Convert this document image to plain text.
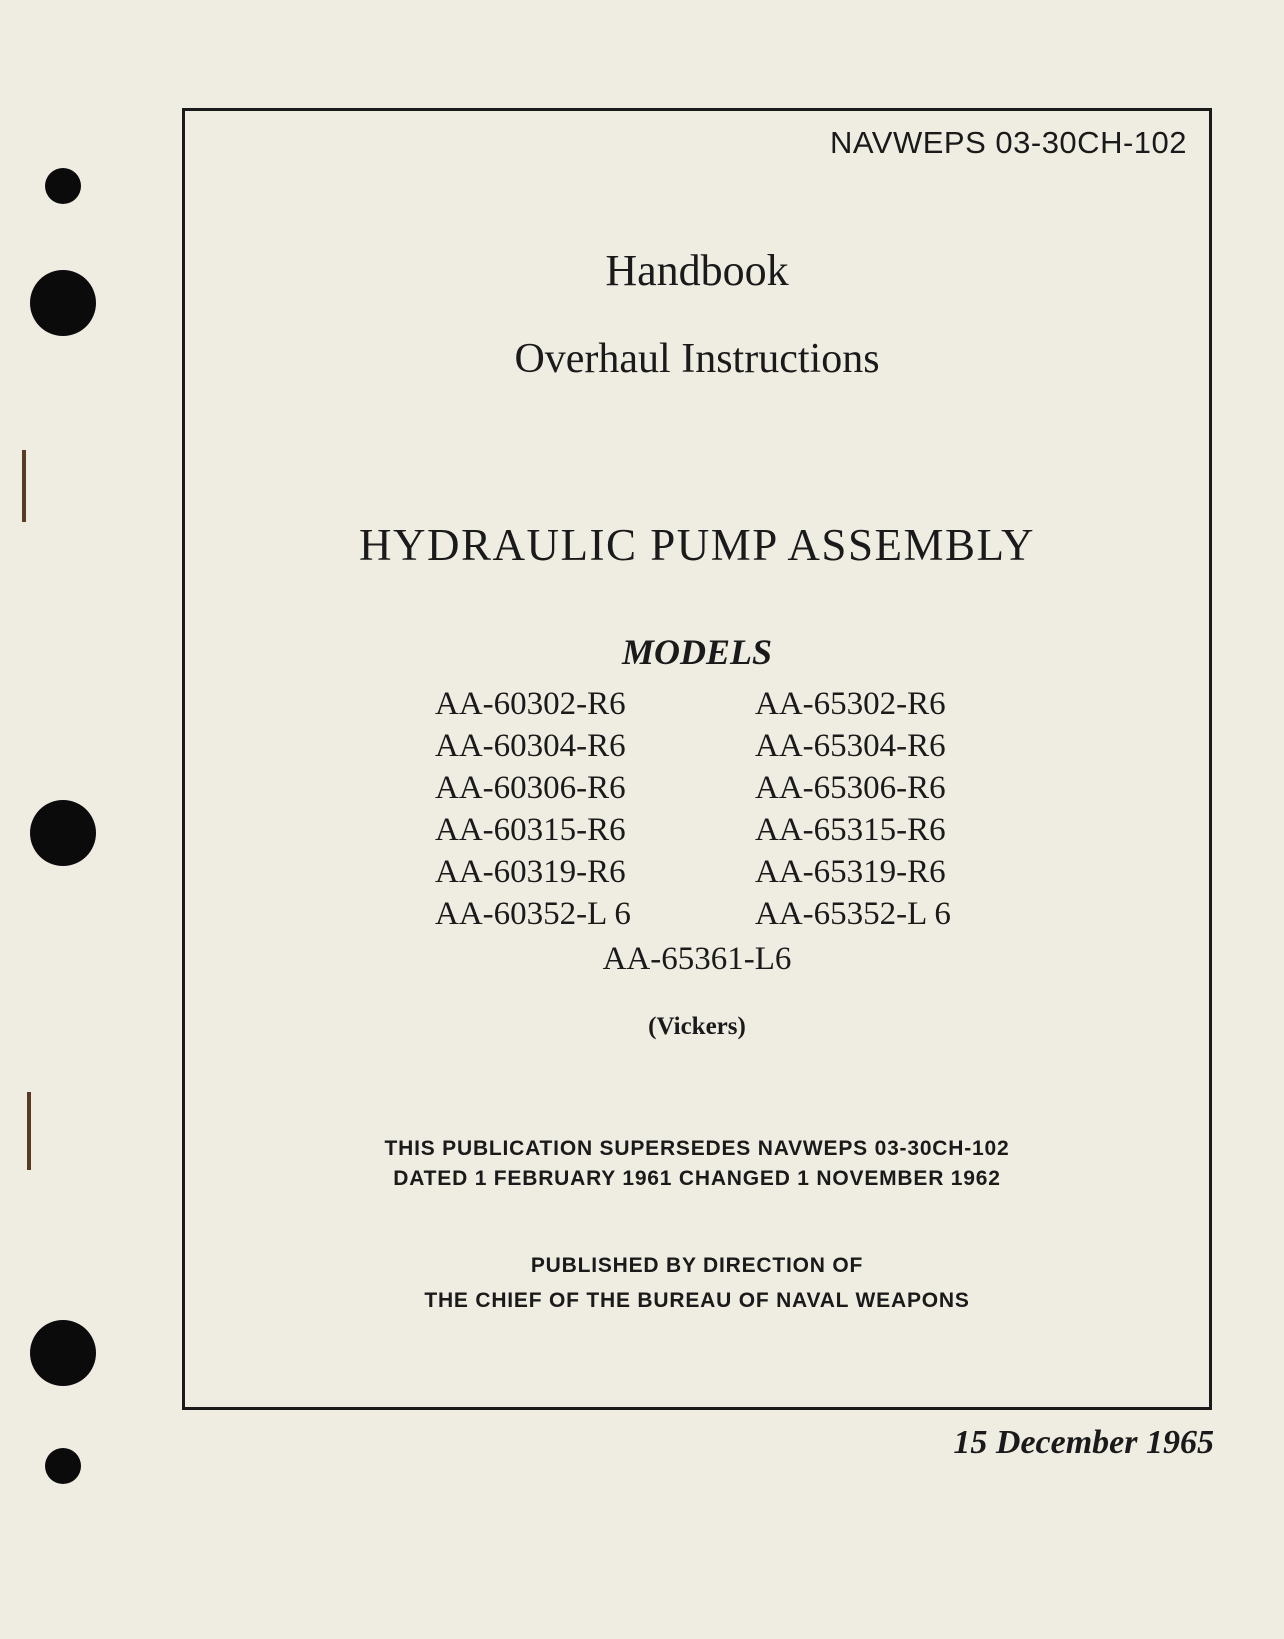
NAVWEPS 03-30CH-102
Handbook
Overhaul Instructions
HYDRAULIC PUMP ASSEMBLY
MODELS
AA-60302-R6	AA-65302-R6
AA-60304-R6	AA-65304-R6
AA-60306-R6	AA-65306-R6
AA-60315-R6	AA-65315-R6
AA-60319-R6	AA-65319-R6
AA-60352-L 6	AA-65352-L 6
AA-65361-L6
(Vickers)
THIS PUBLICATION SUPERSEDES NAVWEPS 03-30CH-102
DATED 1 FEBRUARY 1961 CHANGED 1 NOVEMBER 1962
PUBLISHED BY DIRECTION OF
THE CHIEF OF THE BUREAU OF NAVAL WEAPONS
15 December 1965
